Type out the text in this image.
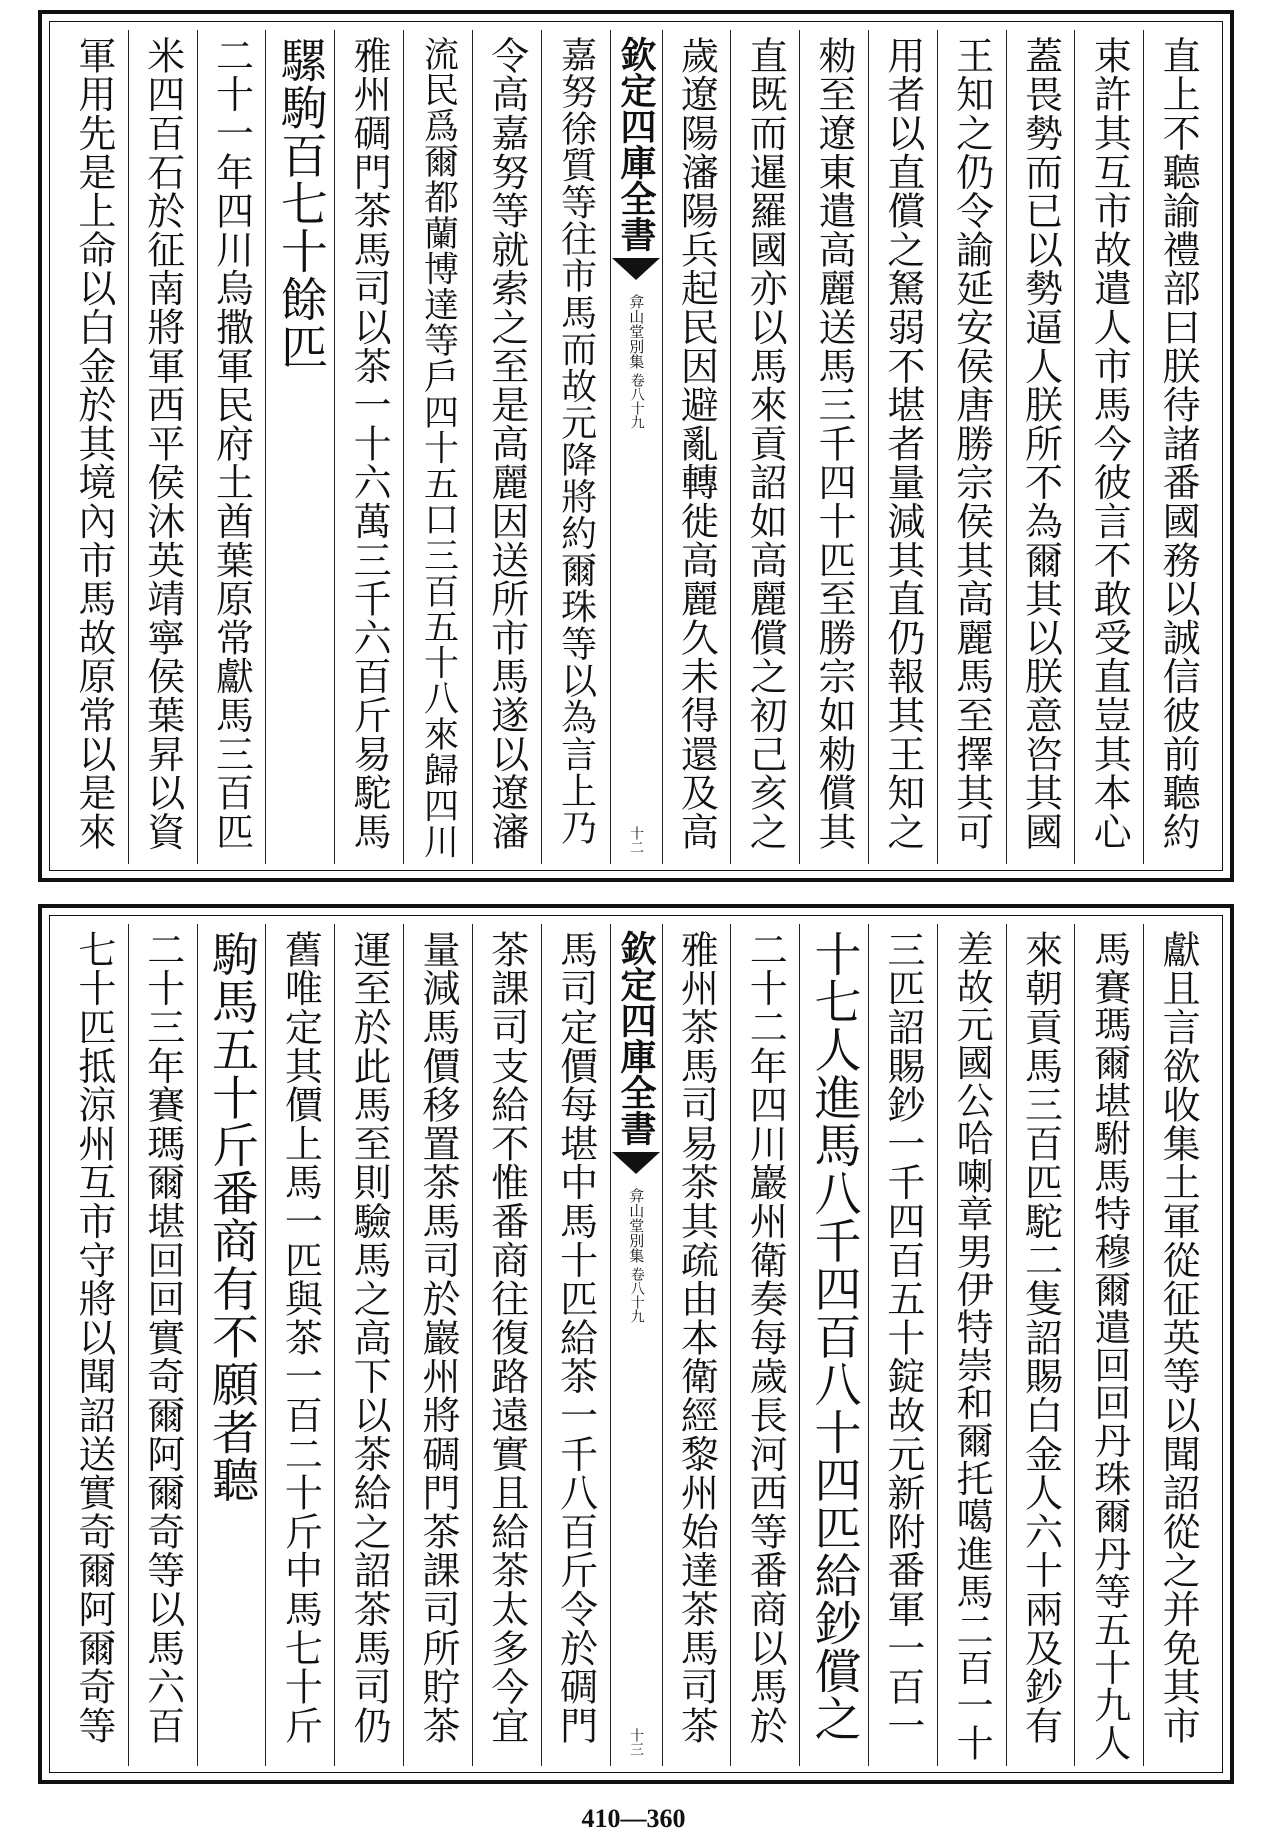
直上不聽諭禮部曰朕待諸番國務以誠信彼前聽約
束許其互市故遣人市馬今彼言不敢受直豈其本心
蓋畏勢而已以勢逼人朕所不為爾其以朕意咨其國
王知之仍令諭延安侯唐勝宗侯其高麗馬至擇其可
用者以直償之駑弱不堪者量減其直仍報其王知之
勑至遼東遣高麗送馬三千四十匹至勝宗如勑償其
直既而暹羅國亦以馬來貢詔如高麗償之初己亥之
歲遼陽瀋陽兵起民因避亂轉徙高麗久未得還及高
欽定四庫全書
弇山堂別集
卷八十九
十二
嘉努徐質等往市馬而故元降將約爾珠等以為言上乃
令高嘉努等就索之至是高麗因送所市馬遂以遼瀋
流民爲爾都蘭博達等戶四十五口三百五十八來歸四川
雅州碉門茶馬司以茶一十六萬三千六百斤易駝馬
騾駒百七十餘匹
二十一年四川烏撒軍民府土酋葉原常獻馬三百匹
米四百石於征南將軍西平侯沐英靖寧侯葉昇以資
軍用先是上命以白金於其境內市馬故原常以是來
獻且言欲收集土軍從征英等以聞詔從之并免其市
馬賽瑪爾堪駙馬特穆爾遣回回丹珠爾丹等五十九人
來朝貢馬三百匹駝二隻詔賜白金人六十兩及鈔有
差故元國公哈喇章男伊特崇和爾托噶進馬二百一十
三匹詔賜鈔一千四百五十錠故元新附番軍一百一
十七人進馬八千四百八十四匹給鈔償之
二十二年四川巖州衛奏每歲長河西等番商以馬於
雅州茶馬司易茶其疏由本衛經黎州始達茶馬司茶
欽定四庫全書
弇山堂別集
卷八十九
十三
馬司定價每堪中馬十匹給茶一千八百斤令於碉門
茶課司支給不惟番商往復路遠實且給茶太多今宜
量減馬價移置茶馬司於巖州將碉門茶課司所貯茶
運至於此馬至則驗馬之高下以茶給之詔茶馬司仍
舊唯定其價上馬一匹與茶一百二十斤中馬七十斤
駒馬五十斤番商有不願者聽
二十三年賽瑪爾堪回回實奇爾阿爾奇等以馬六百
七十匹抵涼州互市守將以聞詔送實奇爾阿爾奇等
410—360
